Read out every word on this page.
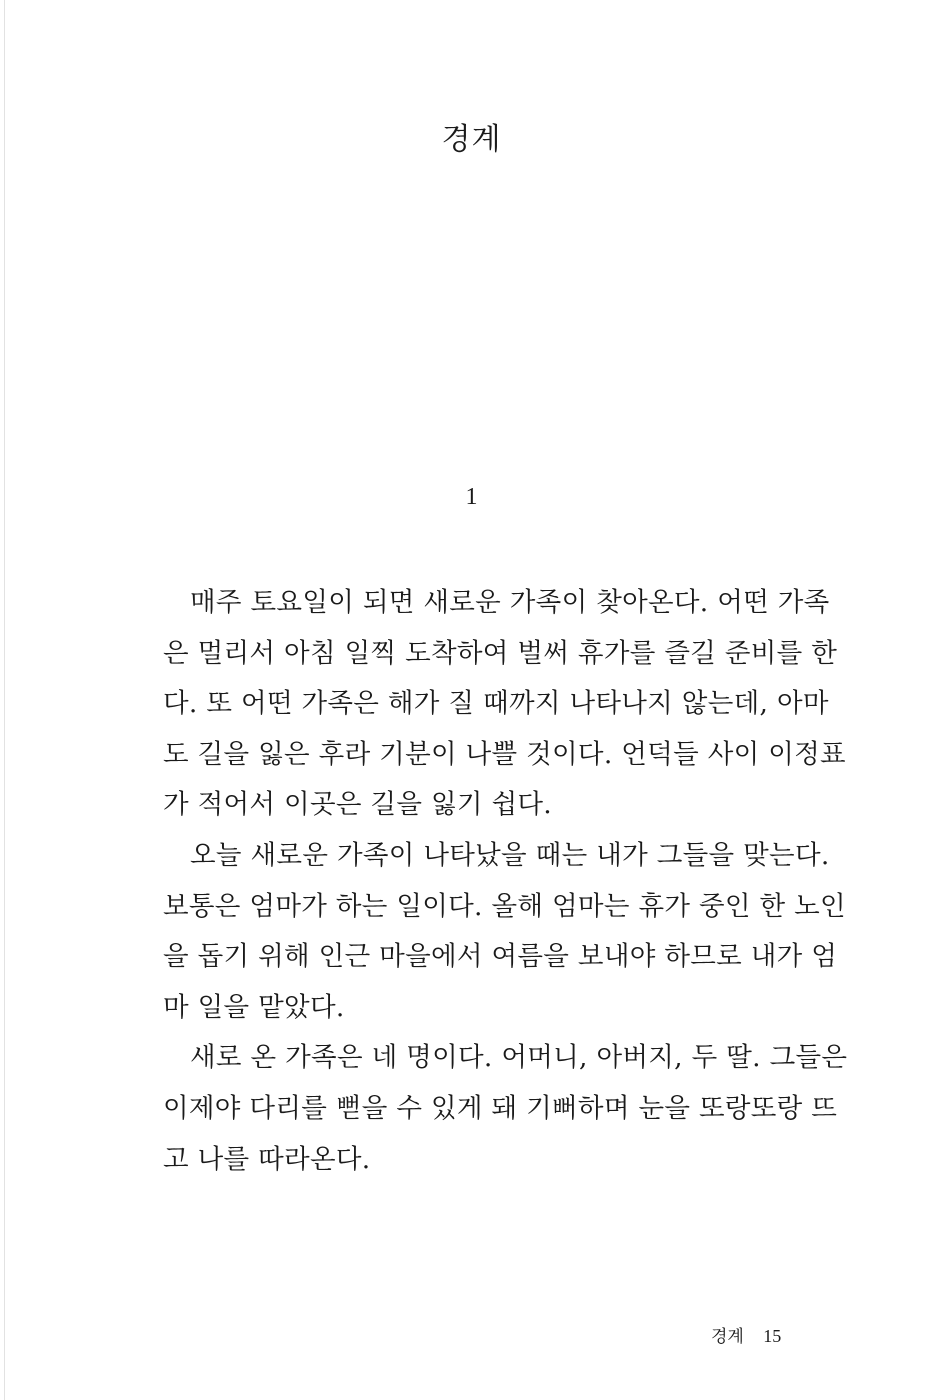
경계
1
매주 토요일이 되면 새로운 가족이 찾아온다. 어떤 가족
은 멀리서 아침 일찍 도착하여 벌써 휴가를 즐길 준비를 한
다. 또 어떤 가족은 해가 질 때까지 나타나지 않는데, 아마
도 길을 잃은 후라 기분이 나쁠 것이다. 언덕들 사이 이정표
가 적어서 이곳은 길을 잃기 쉽다.
오늘 새로운 가족이 나타났을 때는 내가 그들을 맞는다.
보통은 엄마가 하는 일이다. 올해 엄마는 휴가 중인 한 노인
을 돕기 위해 인근 마을에서 여름을 보내야 하므로 내가 엄
마 일을 맡았다.
새로 온 가족은 네 명이다. 어머니, 아버지, 두 딸. 그들은
이제야 다리를 뻗을 수 있게 돼 기뻐하며 눈을 또랑또랑 뜨
고 나를 따라온다.
경계 15
